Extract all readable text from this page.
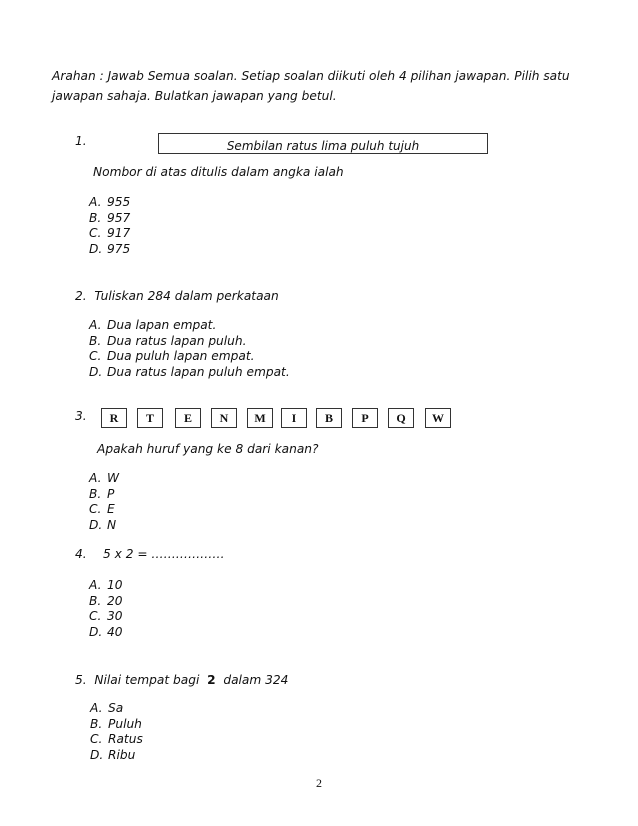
Arahan : Jawab Semua soalan. Setiap soalan diikuti oleh 4 pilihan jawapan. Pilih satu jawapan sahaja. Bulatkan jawapan yang betul.
1.	Sembilan ratus lima puluh tujuh
Nombor di atas ditulis dalam angka ialah
A. 955
B. 957
C. 917
D. 975
2. Tuliskan 284 dalam perkataan
A. Dua lapan empat.
B. Dua ratus lapan puluh.
C. Dua puluh lapan empat.
D. Dua ratus lapan puluh empat.
3.	R	T	E	N	M	I	B	P	Q	W
Apakah huruf yang ke 8 dari kanan?
A. W
B. P
C. E
D. N
4. 5 x 2 = ………………
A. 10
B. 20
C. 30
D. 40
5. Nilai tempat bagi 2 dalam 324
A. Sa
B. Puluh
C. Ratus
D. Ribu
2
